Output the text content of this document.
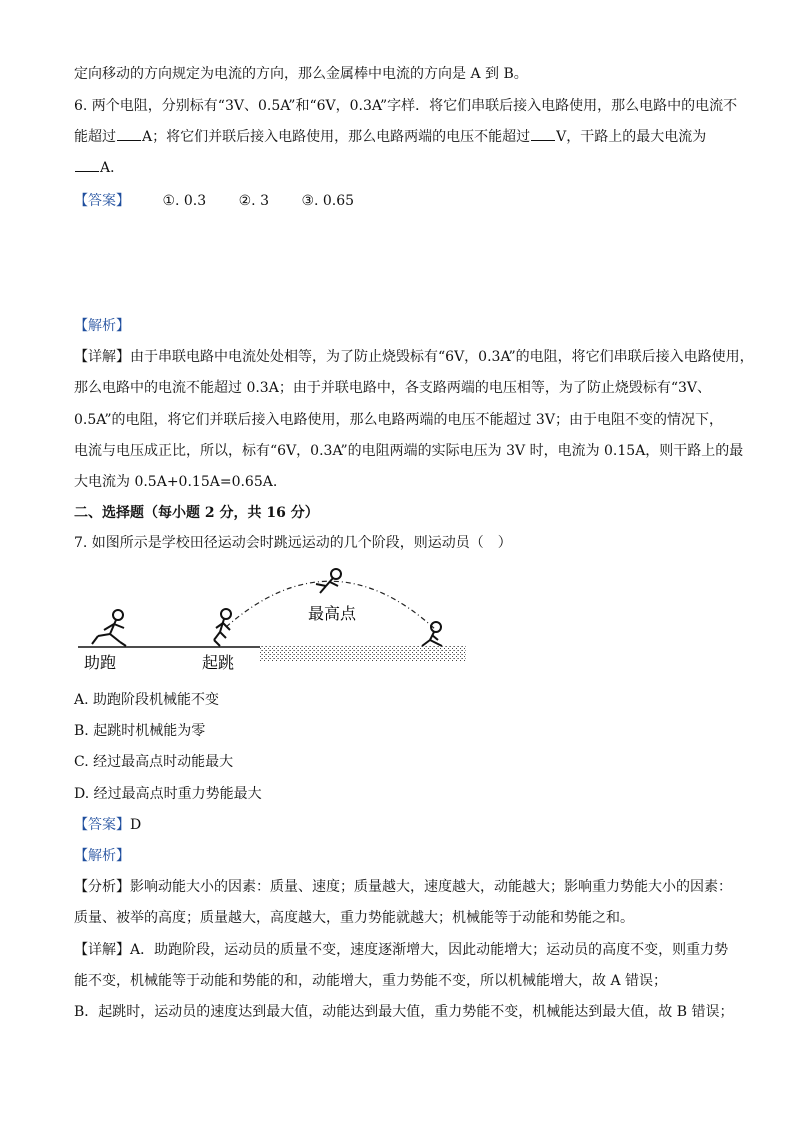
定向移动的方向规定为电流的方向，那么金属棒中电流的方向是 A 到 B。
6. 两个电阻，分别标有“3V、0.5A”和“6V，0.3A”字样．将它们串联后接入电路使用，那么电路中的电流不
能超过 A；将它们并联后接入电路使用，那么电路两端的电压不能超过 V，干路上的最大电流为
A．
【答案】 ①. 0.3 ②. 3 ③. 0.65
【解析】
【详解】由于串联电路中电流处处相等，为了防止烧毁标有“6V，0.3A”的电阻，将它们串联后接入电路使用，
那么电路中的电流不能超过 0.3A；由于并联电路中，各支路两端的电压相等，为了防止烧毁标有“3V、
0.5A”的电阻，将它们并联后接入电路使用，那么电路两端的电压不能超过 3V；由于电阻不变的情况下，
电流与电压成正比，所以，标有“6V，0.3A”的电阻两端的实际电压为 3V 时，电流为 0.15A，则干路上的最
大电流为 0.5A+0.15A=0.65A.
二、选择题（每小题 2 分，共 16 分）
7. 如图所示是学校田径运动会时跳远运动的几个阶段，则运动员（　）
助跑	起跳
最高点
A. 助跑阶段机械能不变
B. 起跳时机械能为零
C. 经过最高点时动能最大
D. 经过最高点时重力势能最大
【答案】D
【解析】
【分析】影响动能大小的因素：质量、速度；质量越大，速度越大，动能越大；影响重力势能大小的因素：
质量、被举的高度；质量越大，高度越大，重力势能就越大；机械能等于动能和势能之和。
【详解】A．助跑阶段，运动员的质量不变，速度逐渐增大，因此动能增大；运动员的高度不变，则重力势
能不变，机械能等于动能和势能的和，动能增大，重力势能不变，所以机械能增大，故 A 错误；
B．起跳时，运动员的速度达到最大值，动能达到最大值，重力势能不变，机械能达到最大值，故 B 错误；
